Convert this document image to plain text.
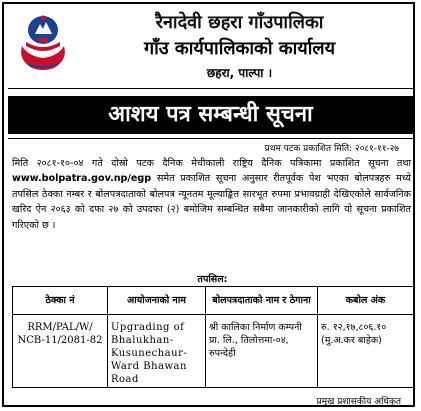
रैनादेवी छहरा गाँउपालिका
गाँउ कार्यपालिकाको कार्यालय
छहरा, पाल्पा ।
आशय पत्र सम्बन्धी सूचना
प्रथम पटक प्रकाशित मिति: २०८१-११-२७
मिति २०८१-१०-०४ गते दोस्रो पटक दैनिक मेचीकाली राष्ट्रिय दैनिक पत्रिकामा प्रकाशित सूचना तथा www.bolpatra.gov.np/egp समेत प्रकाशित सूचना अनुसार रीतपूर्वक पेश भएका बोलपत्रहरु मध्ये तपसिल ठेक्का नम्बर र बोलपत्रदाताको बोलपत्र न्यूनतम मूल्याङ्कित सारभूत रुपमा प्रभावग्राही देखिएकोले सार्वजनिक खरिद ऐन २०६३ को दफा २७ को उपदफा (२) बमोजिम सम्बन्धित सबैमा जानकारीको लागि यो सूचना प्रकाशित गरिएको छ ।
तपसिल:
ठेक्का नं	आयोजनाको नाम	बोलपत्रदाताको नाम र ठेगाना	कबोल अंक
RRM/PAL/W/ NCB-11/2081-82	Upgrading of Bhalukhan-Kusunechaur-Ward Bhawan Road	श्री कालिका निर्माण कम्पनी प्रा. लि., तिलोत्तमा-०४, रुपन्देही	रु. १२,१७,८०६.१० (मु.अ.कर बाहेक)
प्रमुख प्रशासकीय अधिकृत
